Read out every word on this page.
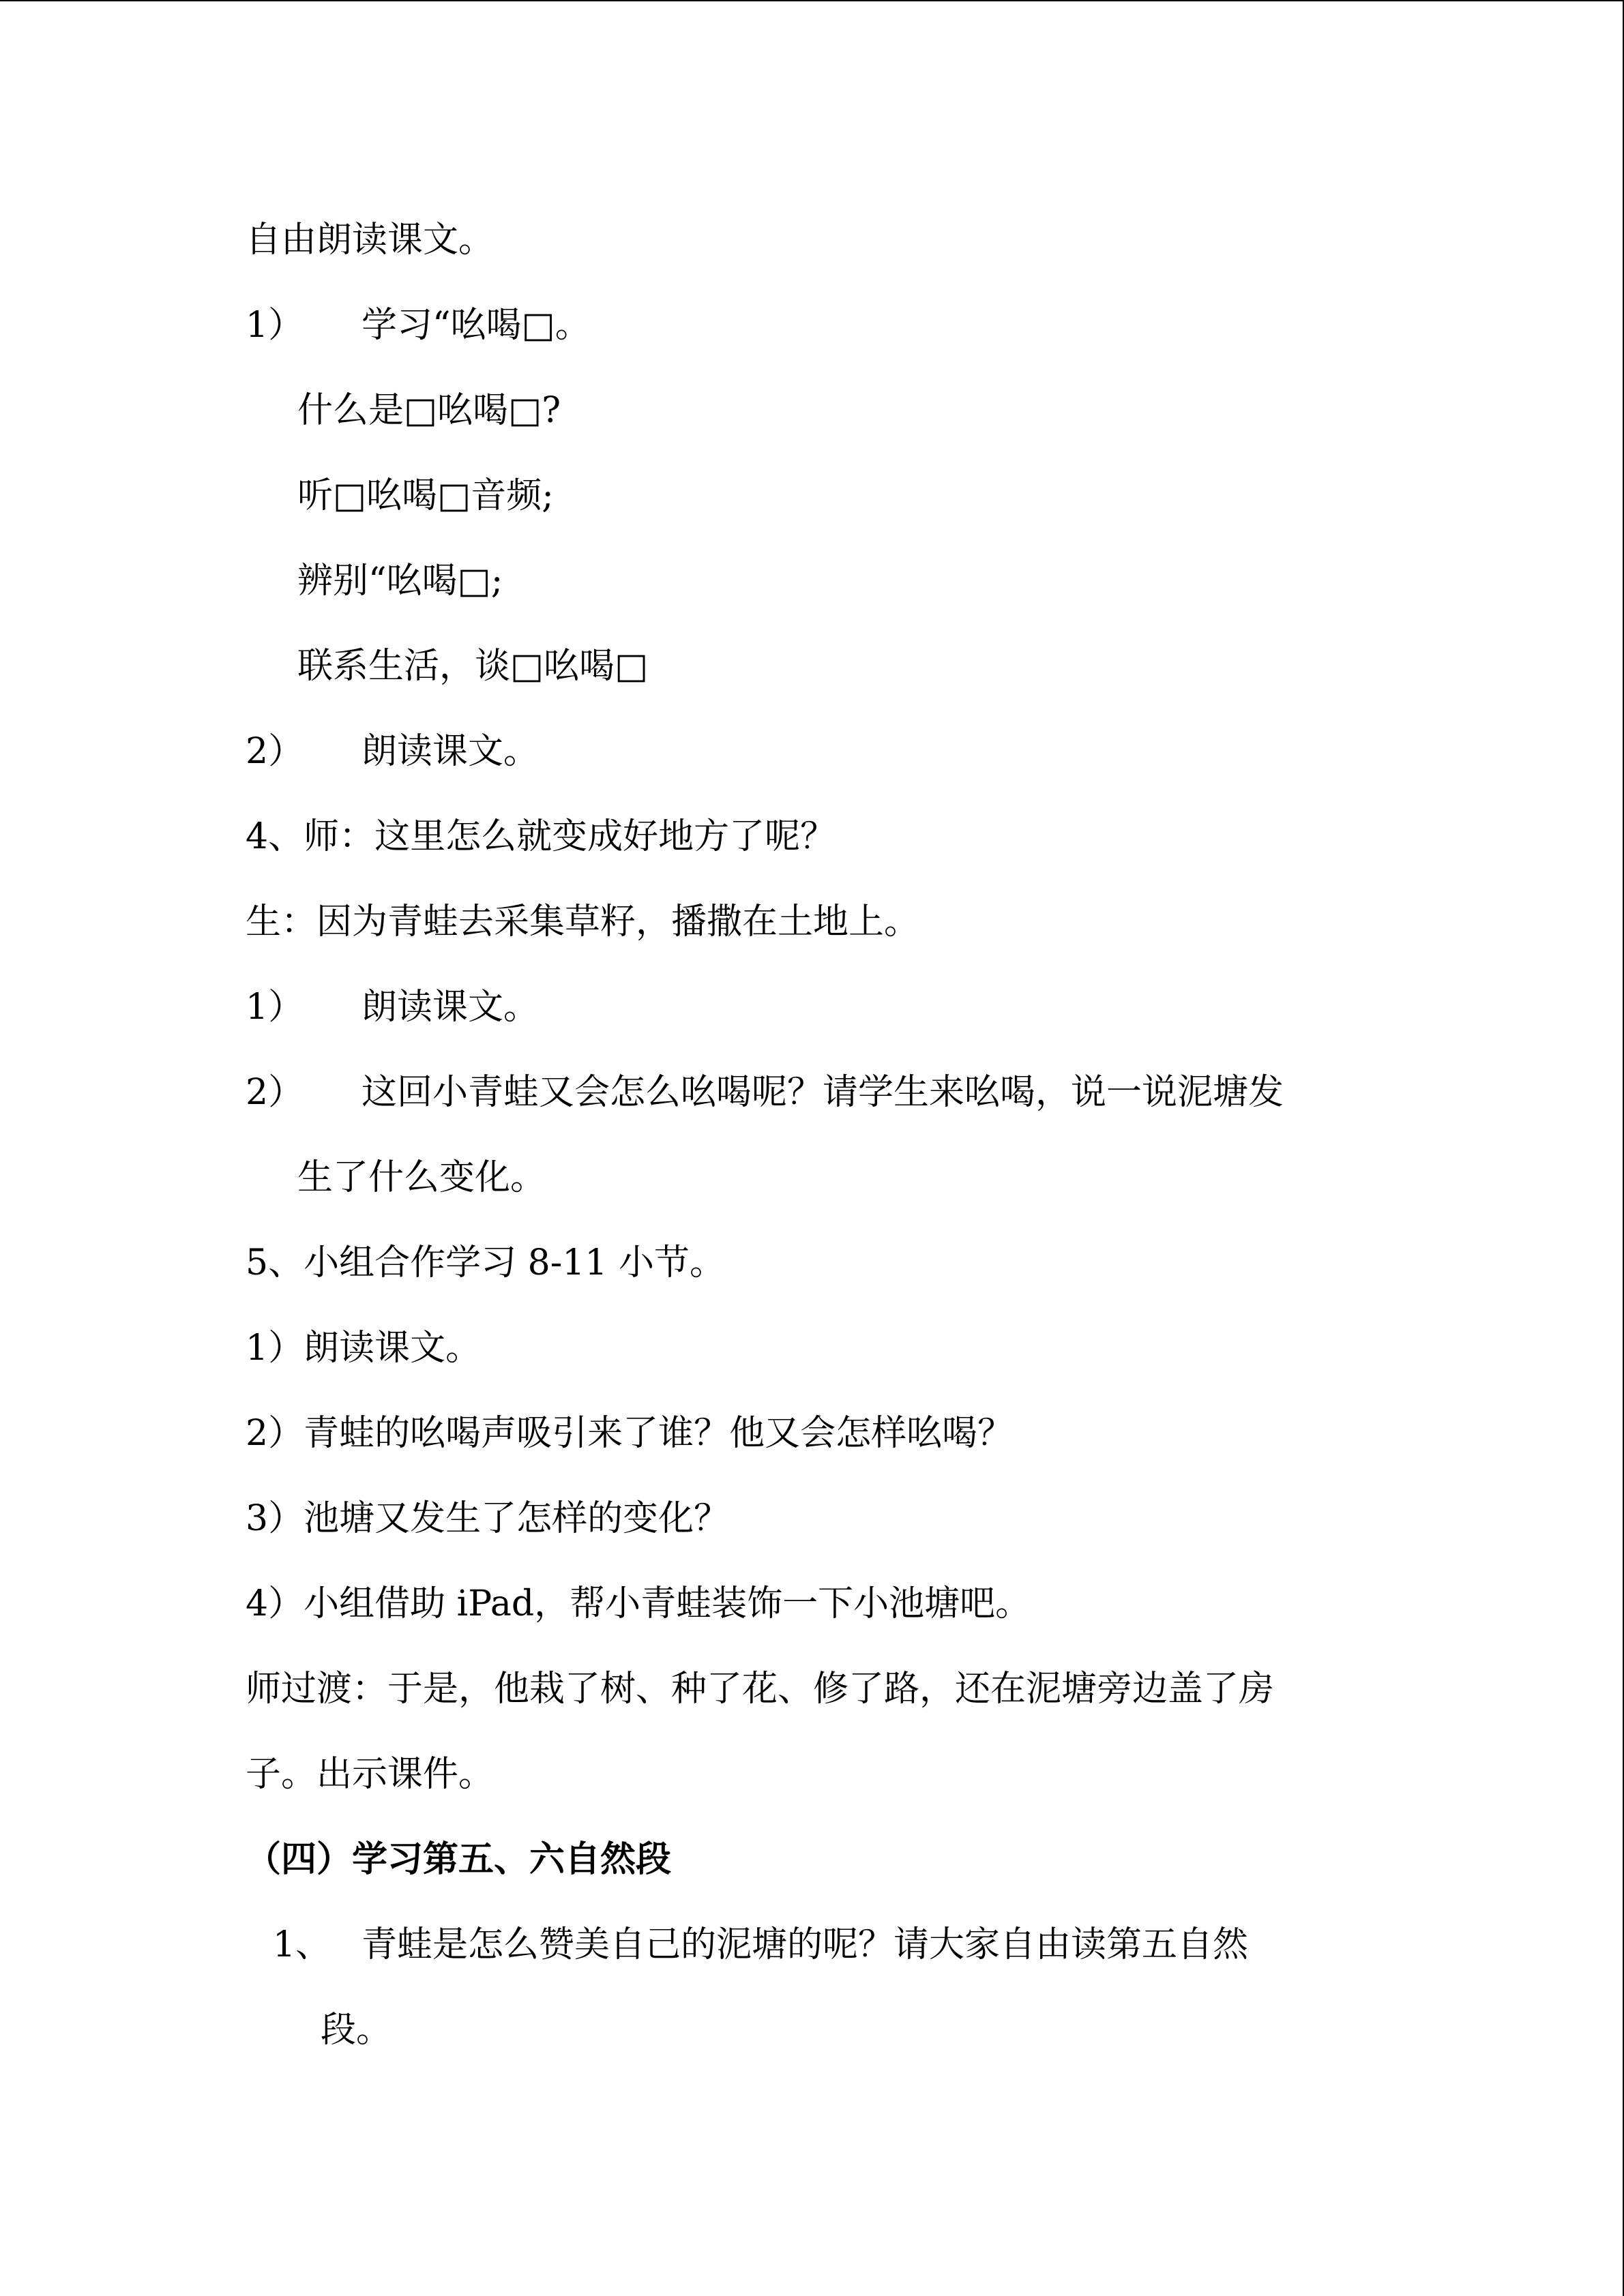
自由朗读课文。
1） 学习“吆喝□。
什么是□吆喝□?
听□吆喝□音频;
辨别“吆喝□;
联系生活，谈□吆喝□
2） 朗读课文。
4、师：这里怎么就变成好地方了呢？
生：因为青蛙去采集草籽，播撒在土地上。
1） 朗读课文。
2） 这回小青蛙又会怎么吆喝呢？请学生来吆喝，说一说泥塘发
生了什么变化。
5、小组合作学习 8-11 小节。
1）朗读课文。
2）青蛙的吆喝声吸引来了谁？他又会怎样吆喝？
3）池塘又发生了怎样的变化？
4）小组借助 iPad，帮小青蛙装饰一下小池塘吧。
师过渡：于是，他栽了树、种了花、修了路，还在泥塘旁边盖了房
子。出示课件。
（四）学习第五、六自然段
1、 青蛙是怎么赞美自己的泥塘的呢？请大家自由读第五自然
段。
